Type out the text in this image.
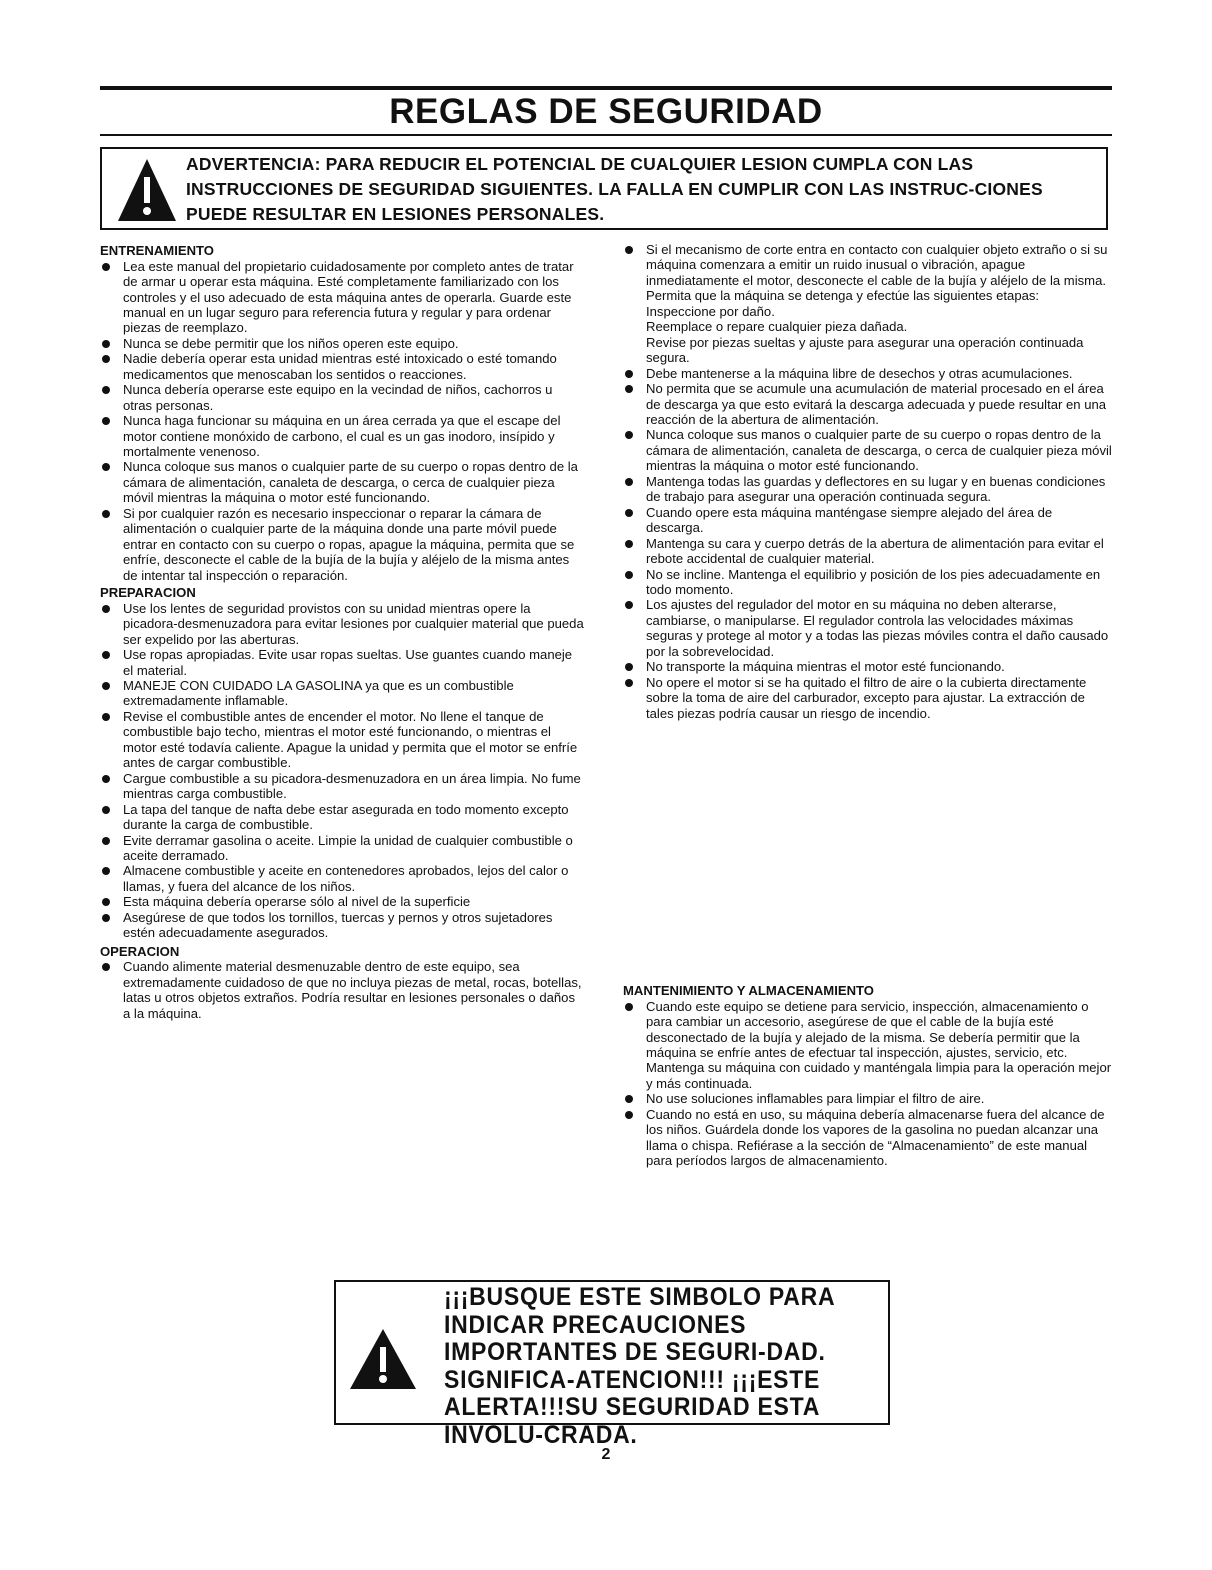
REGLAS DE SEGURIDAD

ADVERTENCIA: PARA REDUCIR EL POTENCIAL DE CUALQUIER LESION CUMPLA CON LAS INSTRUCCIONES DE SEGURIDAD SIGUIENTES. LA FALLA EN CUMPLIR CON LAS INSTRUC-CIONES PUEDE RESULTAR EN LESIONES PERSONALES.

ENTRENAMIENTO
Lea este manual del propietario cuidadosamente por completo antes de tratar de armar u operar esta máquina. Esté completamente familiarizado con los controles y el uso adecuado de esta máquina antes de operarla. Guarde este manual en un lugar seguro para referencia futura y regular y para ordenar piezas de reemplazo.
Nunca se debe permitir que los niños operen este equipo.
Nadie debería operar esta unidad mientras esté intoxicado o esté tomando medicamentos que menoscaban los sentidos o reacciones.
Nunca debería operarse este equipo en la vecindad de niños, cachorros u otras personas.
Nunca haga funcionar su máquina en un área cerrada ya que el escape del motor contiene monóxido de carbono, el cual es un gas inodoro, insípido y mortalmente venenoso.
Nunca coloque sus manos o cualquier parte de su cuerpo o ropas dentro de la cámara de alimentación, canaleta de descarga, o cerca de cualquier pieza móvil mientras la máquina o motor esté funcionando.
Si por cualquier razón es necesario inspeccionar o reparar la cámara de alimentación o cualquier parte de la máquina donde una parte móvil puede entrar en contacto con su cuerpo o ropas, apague la máquina, permita que se enfríe, desconecte el cable de la bujía de la bujía y aléjelo de la misma antes de intentar tal inspección o reparación.
PREPARACION
Use los lentes de seguridad provistos con su unidad mientras opere la picadora-desmenuzadora para evitar lesiones por cualquier material que pueda ser expelido por las aberturas.
Use ropas apropiadas. Evite usar ropas sueltas. Use guantes cuando maneje el material.
MANEJE CON CUIDADO LA GASOLINA ya que es un combustible extremadamente inflamable.
Revise el combustible antes de encender el motor. No llene el tanque de combustible bajo techo, mientras el motor esté funcionando, o mientras el motor esté todavía caliente. Apague la unidad y permita que el motor se enfríe antes de cargar combustible.
Cargue combustible a su picadora-desmenuzadora en un área limpia. No fume mientras carga combustible.
La tapa del tanque de nafta debe estar asegurada en todo momento excepto durante la carga de combustible.
Evite derramar gasolina o aceite. Limpie la unidad de cualquier combustible o aceite derramado.
Almacene combustible y aceite en contenedores aprobados, lejos del calor o llamas, y fuera del alcance de los niños.
Esta máquina debería operarse sólo al nivel de la superficie
Asegúrese de que todos los tornillos, tuercas y pernos y otros sujetadores estén adecuadamente asegurados.
OPERACION
Cuando alimente material desmenuzable dentro de este equipo, sea extremadamente cuidadoso de que no incluya piezas de metal, rocas, botellas, latas u otros objetos extraños. Podría resultar en lesiones personales o daños a la máquina.

Si el mecanismo de corte entra en contacto con cualquier objeto extraño o si su máquina comenzara a emitir un ruido inusual o vibración, apague inmediatamente el motor, desconecte el cable de la bujía y aléjelo de la misma. Permita que la máquina se detenga y efectúe las siguientes etapas:

Inspeccione por daño.

Reemplace o repare cualquier pieza dañada.

Revise por piezas sueltas y ajuste para asegurar una operación continuada segura.

Debe mantenerse a la máquina libre de desechos y otras acumulaciones.
No permita que se acumule una acumulación de material procesado en el área de descarga ya que esto evitará la descarga adecuada y puede resultar en una reacción de la abertura de alimentación.
Nunca coloque sus manos o cualquier parte de su cuerpo o ropas dentro de la cámara de alimentación, canaleta de descarga, o cerca de cualquier pieza móvil mientras la máquina o motor esté funcionando.
Mantenga todas las guardas y deflectores en su lugar y en buenas condiciones de trabajo para asegurar una operación continuada segura.
Cuando opere esta máquina manténgase siempre alejado del área de descarga.
Mantenga su cara y cuerpo detrás de la abertura de alimentación para evitar el rebote accidental de cualquier material.
No se incline. Mantenga el equilibrio y posición de los pies adecuadamente en todo momento.
Los ajustes del regulador del motor en su máquina no deben alterarse, cambiarse, o manipularse. El regulador controla las velocidades máximas seguras y protege al motor y a todas las piezas móviles contra el daño causado por la sobrevelocidad.
No transporte la máquina mientras el motor esté funcionando.
No opere el motor si se ha quitado el filtro de aire o la cubierta directamente sobre la toma de aire del carburador, excepto para ajustar. La extracción de tales piezas podría causar un riesgo de incendio.
MANTENIMIENTO Y ALMACENAMIENTO
Cuando este equipo se detiene para servicio, inspección, almacenamiento o para cambiar un accesorio, asegúrese de que el cable de la bujía esté desconectado de la bujía y alejado de la misma. Se debería permitir que la máquina se enfríe antes de efectuar tal inspección, ajustes, servicio, etc. Mantenga su máquina con cuidado y manténgala limpia para la operación mejor y más continuada.
No use soluciones inflamables para limpiar el filtro de aire.
Cuando no está en uso, su máquina debería almacenarse fuera del alcance de los niños. Guárdela donde los vapores de la gasolina no puedan alcanzar una llama o chispa. Refiérase a la sección de “Almacenamiento” de este manual para períodos largos de almacenamiento.

¡¡¡BUSQUE ESTE SIMBOLO PARA INDICAR PRECAUCIONES IMPORTANTES DE SEGURI-DAD. SIGNIFICA-ATENCION!!! ¡¡¡ESTE ALERTA!!!SU SEGURIDAD ESTA INVOLU-CRADA.

2
